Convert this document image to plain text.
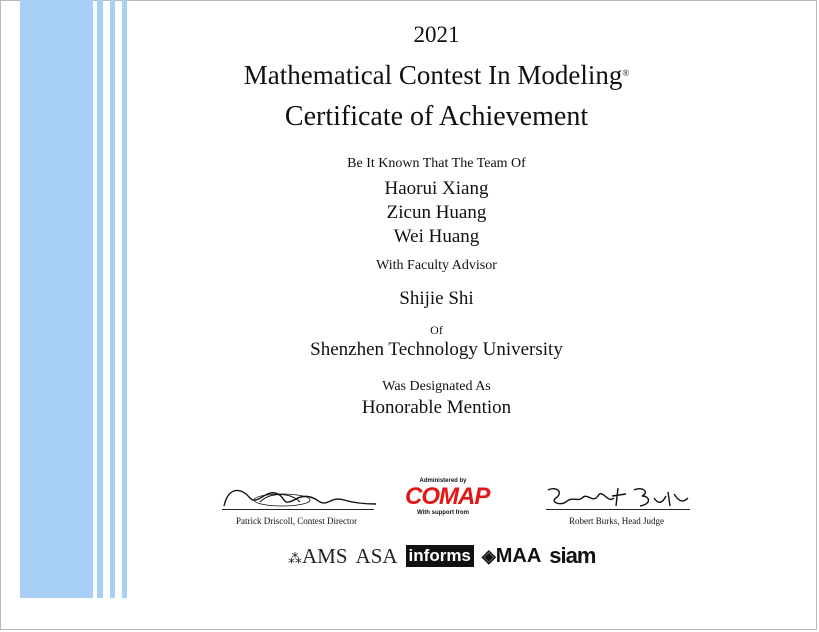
2021
Mathematical Contest In Modeling®
Certificate of Achievement
Be It Known That The Team Of
Haorui Xiang
Zicun Huang
Wei Huang
With Faculty Advisor
Shijie Shi
Of
Shenzhen Technology University
Was Designated As
Honorable Mention
Patrick Driscoll, Contest Director
Administered by
COMAP
With support from
Robert Burks, Head Judge
⁂AMS ASA informs ◈MAA siam
